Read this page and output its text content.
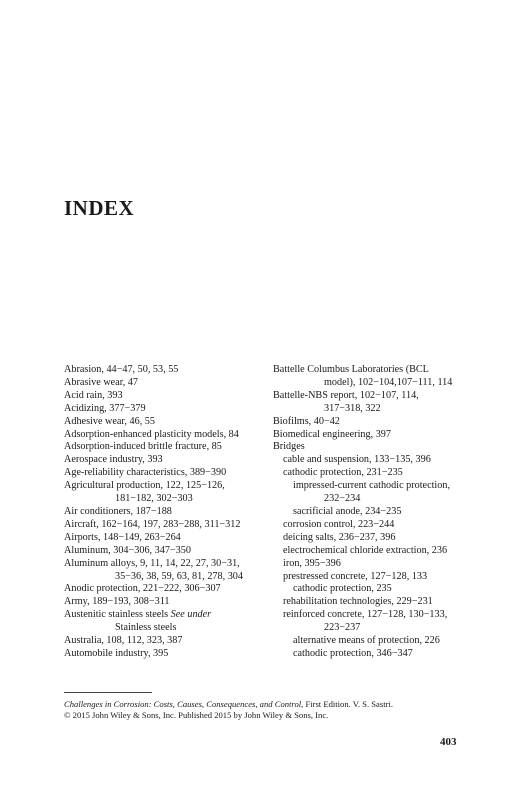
INDEX
Abrasion, 44−47, 50, 53, 55
Abrasive wear, 47
Acid rain, 393
Acidizing, 377−379
Adhesive wear, 46, 55
Adsorption-enhanced plasticity models, 84
Adsorption-induced brittle fracture, 85
Aerospace industry, 393
Age-reliability characteristics, 389−390
Agricultural production, 122, 125−126,
181−182, 302−303
Air conditioners, 187−188
Aircraft, 162−164, 197, 283−288, 311−312
Airports, 148−149, 263−264
Aluminum, 304−306, 347−350
Aluminum alloys, 9, 11, 14, 22, 27, 30−31,
35−36, 38, 59, 63, 81, 278, 304
Anodic protection, 221−222, 306−307
Army, 189−193, 308−311
Austenitic stainless steels See under
Stainless steels
Australia, 108, 112, 323, 387
Automobile industry, 395
Battelle Columbus Laboratories (BCL
model), 102−104,107−111, 114
Battelle-NBS report, 102−107, 114,
317−318, 322
Biofilms, 40−42
Biomedical engineering, 397
Bridges
cable and suspension, 133−135, 396
cathodic protection, 231−235
impressed-current cathodic protection,
232−234
sacrificial anode, 234−235
corrosion control, 223−244
deicing salts, 236−237, 396
electrochemical chloride extraction, 236
iron, 395−396
prestressed concrete, 127−128, 133
cathodic protection, 235
rehabilitation technologies, 229−231
reinforced concrete, 127−128, 130−133,
223−237
alternative means of protection, 226
cathodic protection, 346−347
Challenges in Corrosion: Costs, Causes, Consequences, and Control, First Edition. V. S. Sastri.
© 2015 John Wiley & Sons, Inc. Published 2015 by John Wiley & Sons, Inc.
403
